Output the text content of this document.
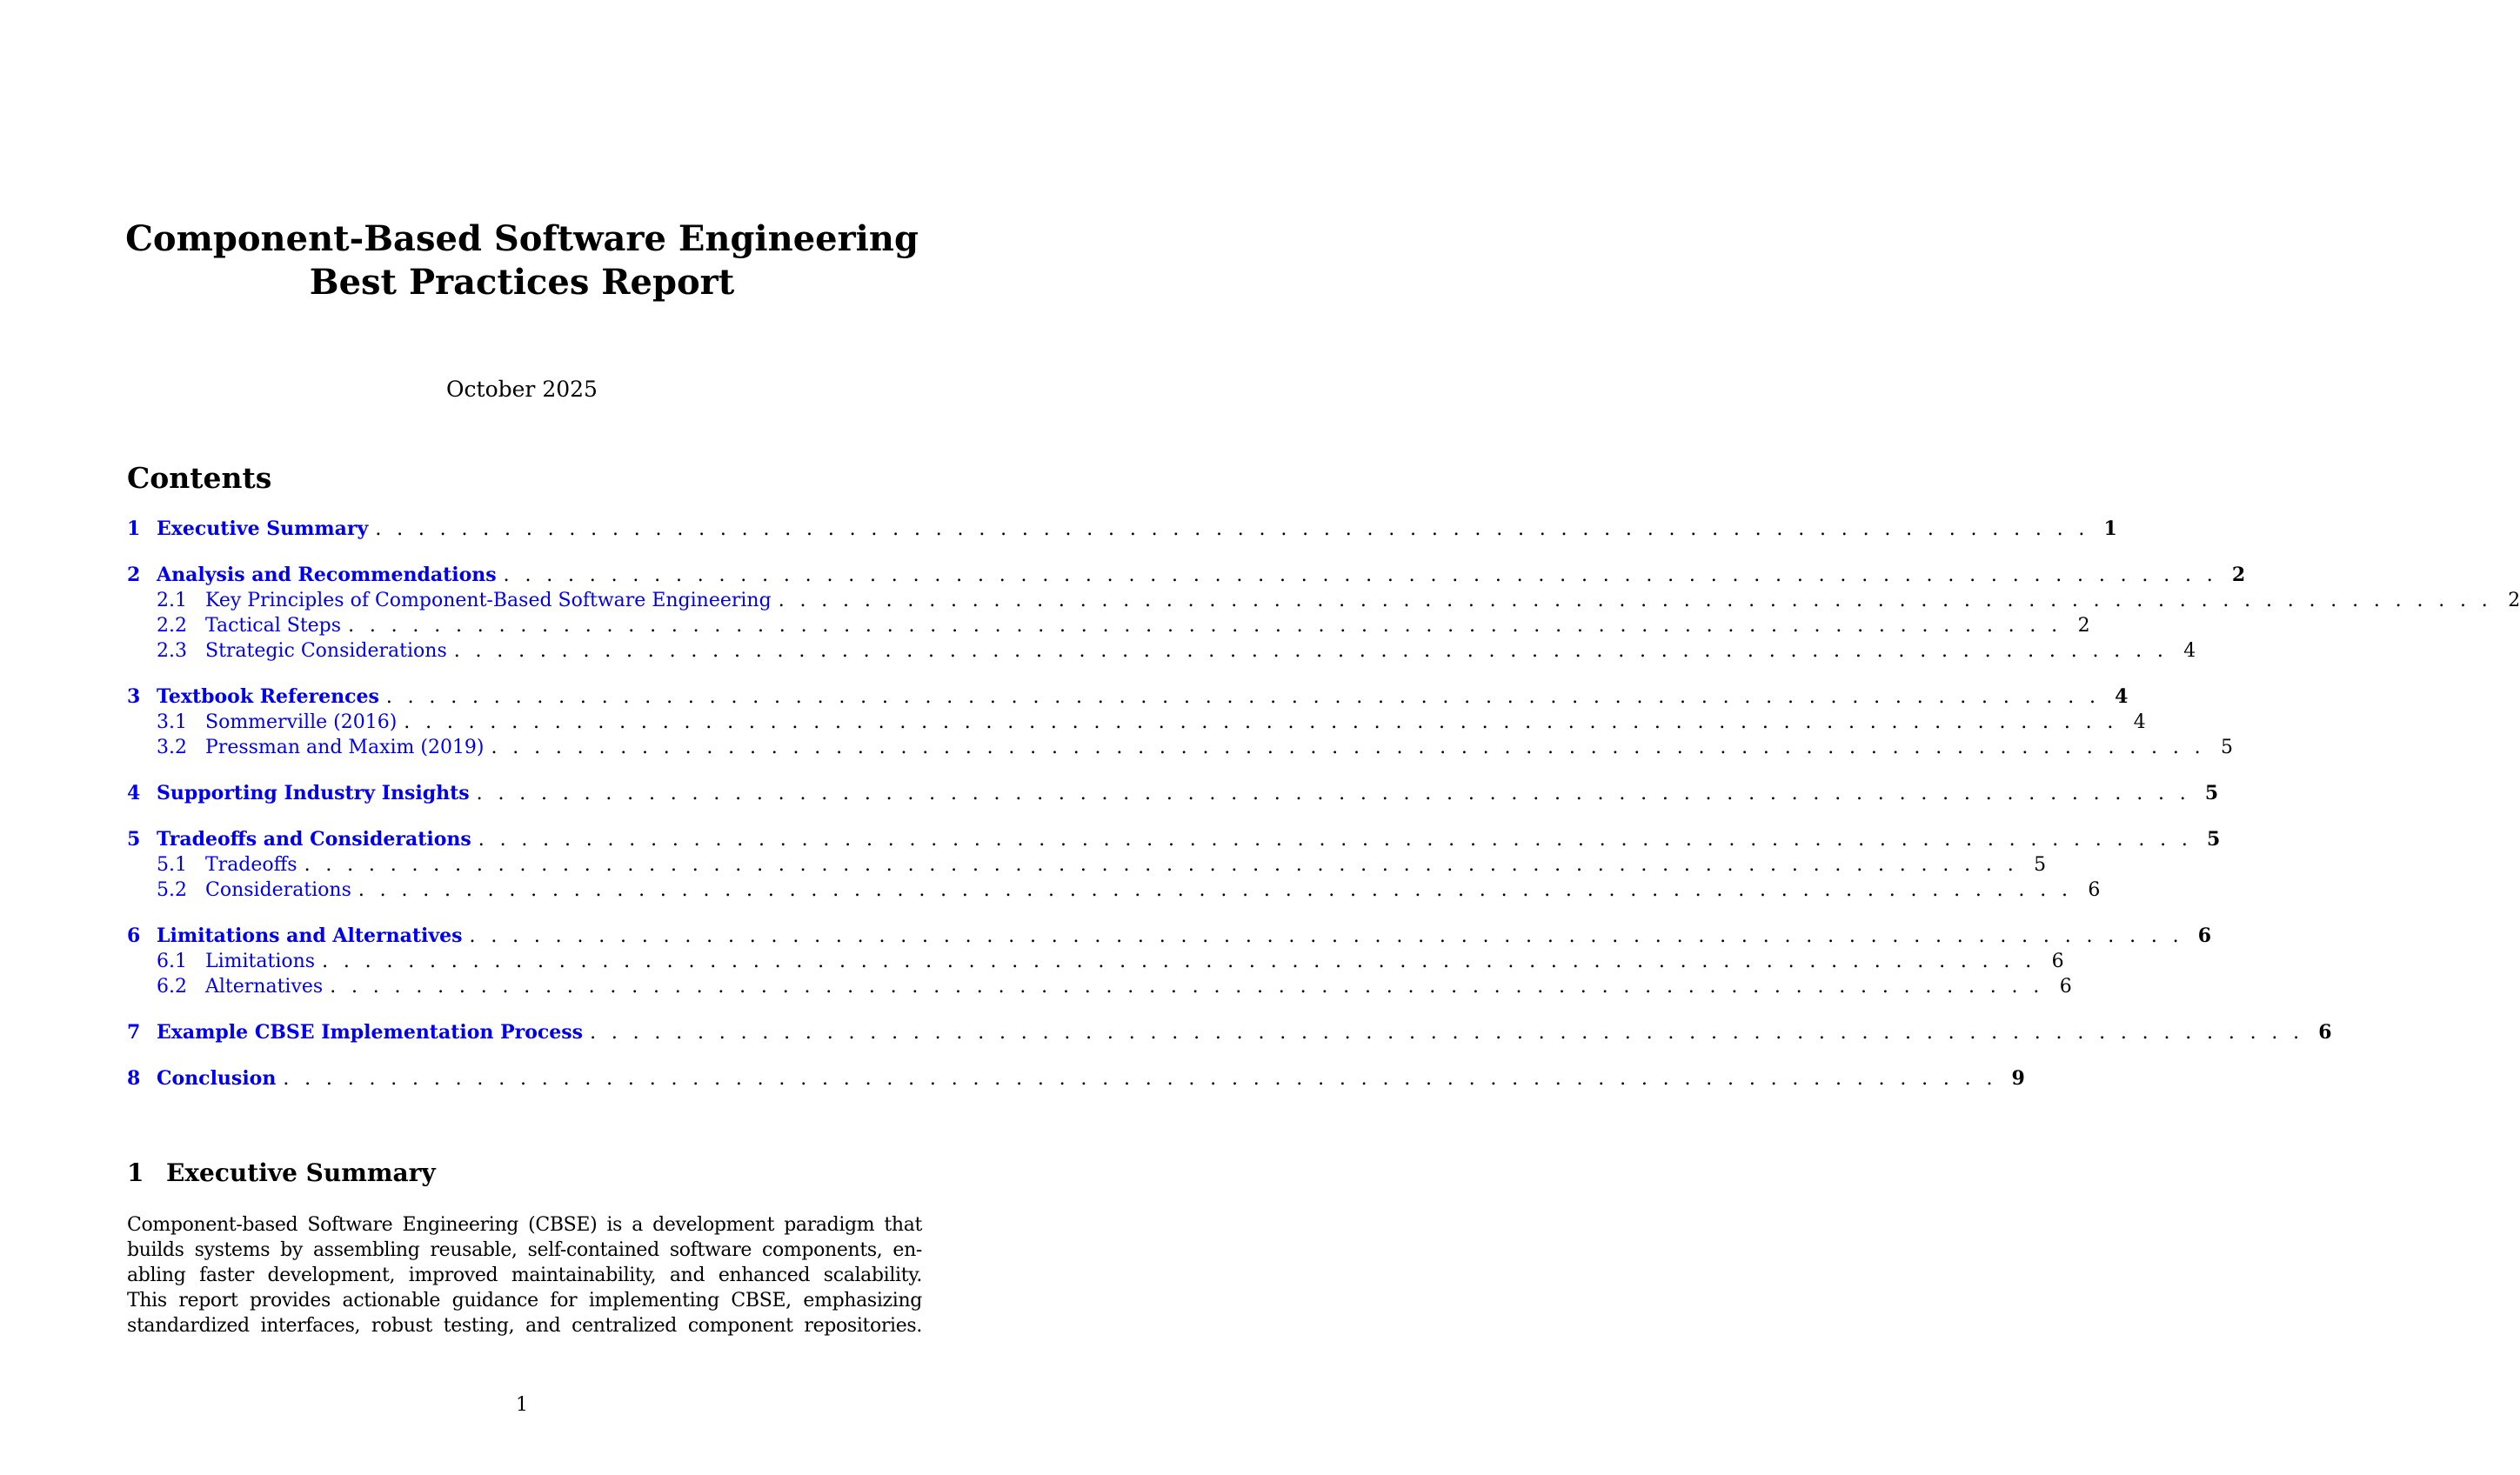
Component-Based Software Engineering
Best Practices Report
October 2025
Contents
1 Executive Summary . . . . . . . . . . . . . . . . . . . . . . . . . . . . . . . . . . . . . . . . . . . . . . . . . . . . . . . . . . . . . . . . . . . . . . . . . . . . . . . . 1
2 Analysis and Recommendations . . . . . . . . . . . . . . . . . . . . . . . . . . . . . . . . . . . . . . . . . . . . . . . . . . . . . . . . . . . . . . . . . . . . . . . . . . . . . . . . 2
2.1 Key Principles of Component-Based Software Engineering . . . . . . . . . . . . . . . . . . . . . . . . . . . . . . . . . . . . . . . . . . . . . . . . . . . . . . . . . . . . . . . . . . . . . . . . . . . . . . . . 2
2.2 Tactical Steps . . . . . . . . . . . . . . . . . . . . . . . . . . . . . . . . . . . . . . . . . . . . . . . . . . . . . . . . . . . . . . . . . . . . . . . . . . . . . . . . 2
2.3 Strategic Considerations . . . . . . . . . . . . . . . . . . . . . . . . . . . . . . . . . . . . . . . . . . . . . . . . . . . . . . . . . . . . . . . . . . . . . . . . . . . . . . . . 4
3 Textbook References . . . . . . . . . . . . . . . . . . . . . . . . . . . . . . . . . . . . . . . . . . . . . . . . . . . . . . . . . . . . . . . . . . . . . . . . . . . . . . . . 4
3.1 Sommerville (2016) . . . . . . . . . . . . . . . . . . . . . . . . . . . . . . . . . . . . . . . . . . . . . . . . . . . . . . . . . . . . . . . . . . . . . . . . . . . . . . . . 4
3.2 Pressman and Maxim (2019) . . . . . . . . . . . . . . . . . . . . . . . . . . . . . . . . . . . . . . . . . . . . . . . . . . . . . . . . . . . . . . . . . . . . . . . . . . . . . . . . 5
4 Supporting Industry Insights . . . . . . . . . . . . . . . . . . . . . . . . . . . . . . . . . . . . . . . . . . . . . . . . . . . . . . . . . . . . . . . . . . . . . . . . . . . . . . . . 5
5 Tradeoffs and Considerations . . . . . . . . . . . . . . . . . . . . . . . . . . . . . . . . . . . . . . . . . . . . . . . . . . . . . . . . . . . . . . . . . . . . . . . . . . . . . . . . 5
5.1 Tradeoffs . . . . . . . . . . . . . . . . . . . . . . . . . . . . . . . . . . . . . . . . . . . . . . . . . . . . . . . . . . . . . . . . . . . . . . . . . . . . . . . . 5
5.2 Considerations . . . . . . . . . . . . . . . . . . . . . . . . . . . . . . . . . . . . . . . . . . . . . . . . . . . . . . . . . . . . . . . . . . . . . . . . . . . . . . . . 6
6 Limitations and Alternatives . . . . . . . . . . . . . . . . . . . . . . . . . . . . . . . . . . . . . . . . . . . . . . . . . . . . . . . . . . . . . . . . . . . . . . . . . . . . . . . . 6
6.1 Limitations . . . . . . . . . . . . . . . . . . . . . . . . . . . . . . . . . . . . . . . . . . . . . . . . . . . . . . . . . . . . . . . . . . . . . . . . . . . . . . . . 6
6.2 Alternatives . . . . . . . . . . . . . . . . . . . . . . . . . . . . . . . . . . . . . . . . . . . . . . . . . . . . . . . . . . . . . . . . . . . . . . . . . . . . . . . . 6
7 Example CBSE Implementation Process . . . . . . . . . . . . . . . . . . . . . . . . . . . . . . . . . . . . . . . . . . . . . . . . . . . . . . . . . . . . . . . . . . . . . . . . . . . . . . . . 6
8 Conclusion . . . . . . . . . . . . . . . . . . . . . . . . . . . . . . . . . . . . . . . . . . . . . . . . . . . . . . . . . . . . . . . . . . . . . . . . . . . . . . . . 9
1 Executive Summary
Component-based Software Engineering (CBSE) is a development paradigm that
builds systems by assembling reusable, self-contained software components, en-
abling faster development, improved maintainability, and enhanced scalability.
This report provides actionable guidance for implementing CBSE, emphasizing
standardized interfaces, robust testing, and centralized component repositories.
1
